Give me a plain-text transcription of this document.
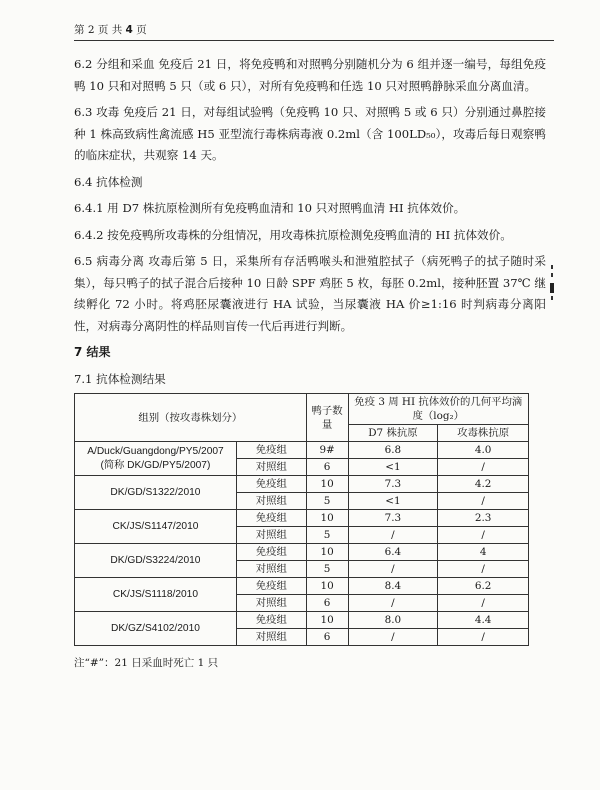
第 2 页 共 4 页

6.2 分组和采血 免疫后 21 日，将免疫鸭和对照鸭分别随机分为 6 组并逐一编号，每组免疫鸭 10 只和对照鸭 5 只（或 6 只），对所有免疫鸭和任选 10 只对照鸭静脉采血分离血清。

6.3 攻毒 免疫后 21 日，对每组试验鸭（免疫鸭 10 只、对照鸭 5 或 6 只）分别通过鼻腔接种 1 株高致病性禽流感 H5 亚型流行毒株病毒液 0.2ml（含 100LD₅₀），攻毒后每日观察鸭的临床症状，共观察 14 天。

6.4 抗体检测

6.4.1 用 D7 株抗原检测所有免疫鸭血清和 10 只对照鸭血清 HI 抗体效价。

6.4.2 按免疫鸭所攻毒株的分组情况，用攻毒株抗原检测免疫鸭血清的 HI 抗体效价。

6.5 病毒分离 攻毒后第 5 日，采集所有存活鸭喉头和泄殖腔拭子（病死鸭子的拭子随时采集），每只鸭子的拭子混合后接种 10 日龄 SPF 鸡胚 5 枚，每胚 0.2ml，接种胚置 37℃ 继续孵化 72 小时。将鸡胚尿囊液进行 HA 试验，当尿囊液 HA 价≥1:16 时判病毒分离阳性，对病毒分离阴性的样品则盲传一代后再进行判断。

7 结果

7.1 抗体检测结果

组别（按攻毒株划分）		鸭子数量	免疫 3 周 HI 抗体效价的几何平均滴度（log₂）	
			D7 株抗原	攻毒株抗原

A/Duck/Guangdong/PY5/2007
(简称 DK/GD/PY5/2007)	免疫组	9#	6.8	4.0
	对照组	6	<1	/
DK/GD/S1322/2010	免疫组	10	7.3	4.2
	对照组	5	<1	/
CK/JS/S1147/2010	免疫组	10	7.3	2.3
	对照组	5	/	/
DK/GD/S3224/2010	免疫组	10	6.4	4
	对照组	5	/	/
CK/JS/S1118/2010	免疫组	10	8.4	6.2
	对照组	6	/	/
DK/GZ/S4102/2010	免疫组	10	8.0	4.4
	对照组	6	/	/
注“#”：21 日采血时死亡 1 只
